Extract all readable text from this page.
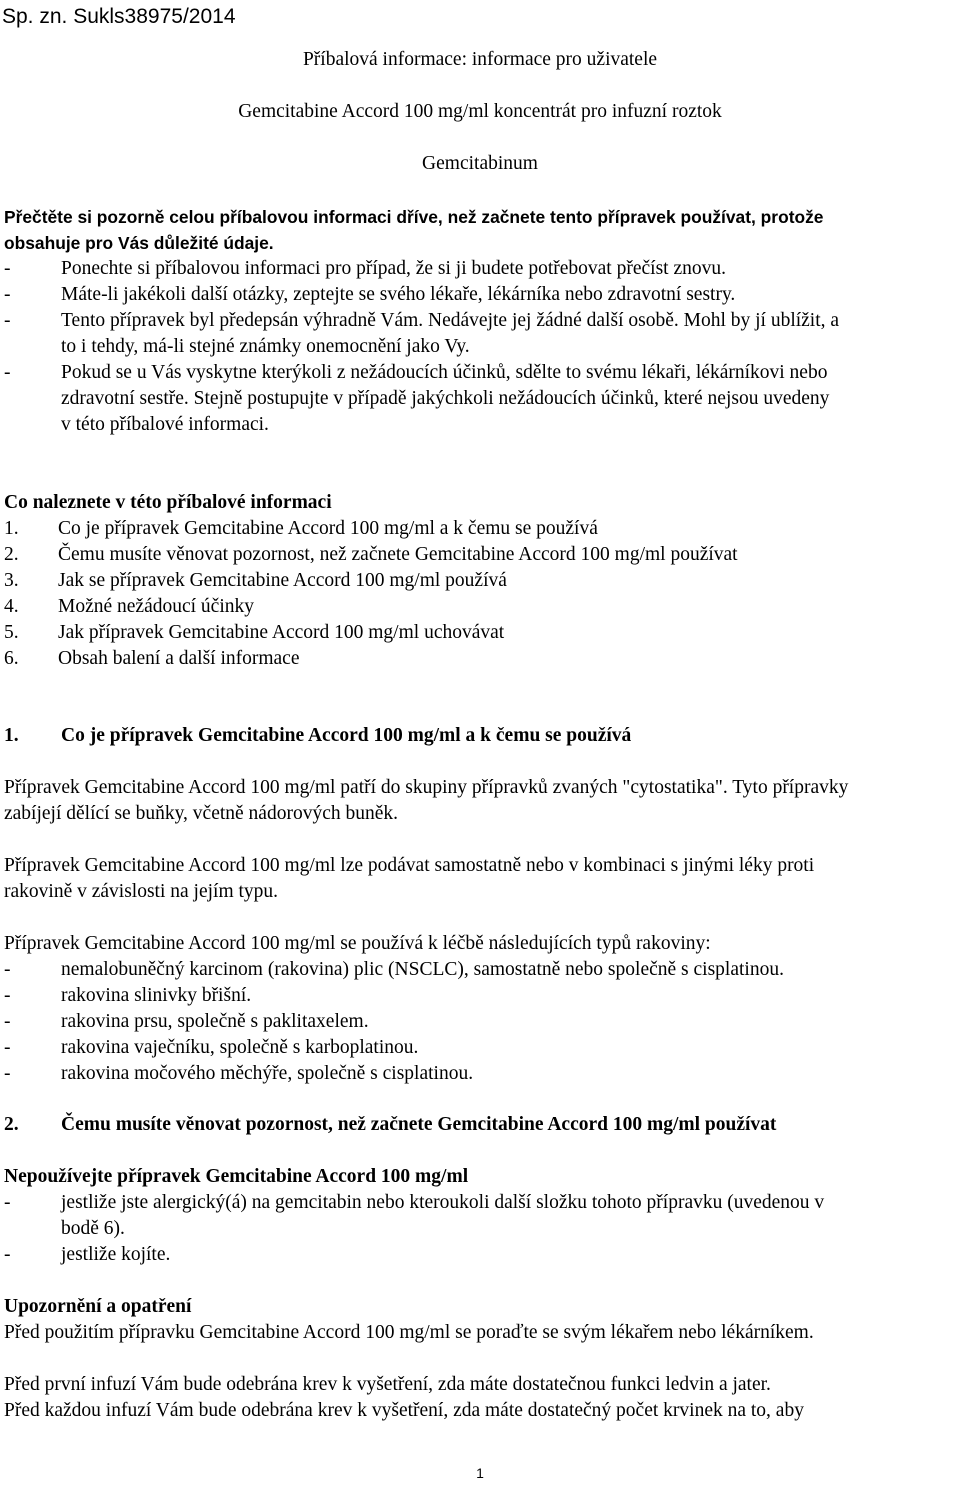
Sp. zn. Sukls38975/2014
Příbalová informace: informace pro uživatele
Gemcitabine Accord 100 mg/ml koncentrát pro infuzní roztok
Gemcitabinum
Přečtěte si pozorně celou příbalovou informaci dříve, než začnete tento přípravek používat, protože
obsahuje pro Vás důležité údaje.
-	Ponechte si příbalovou informaci pro případ, že si ji budete potřebovat přečíst znovu.
-	Máte-li jakékoli další otázky, zeptejte se svého lékaře, lékárníka nebo zdravotní sestry.
-	Tento přípravek byl předepsán výhradně Vám. Nedávejte jej žádné další osobě. Mohl by jí ublížit, a
to i tehdy, má-li stejné známky onemocnění jako Vy.
-	Pokud se u Vás vyskytne kterýkoli z nežádoucích účinků, sdělte to svému lékaři, lékárníkovi nebo
zdravotní sestře. Stejně postupujte v případě jakýchkoli nežádoucích účinků, které nejsou uvedeny
v této příbalové informaci.
Co naleznete v této příbalové informaci
1. Co je přípravek Gemcitabine Accord 100 mg/ml a k čemu se používá
2. Čemu musíte věnovat pozornost, než začnete Gemcitabine Accord 100 mg/ml používat
3. Jak se přípravek Gemcitabine Accord 100 mg/ml používá
4. Možné nežádoucí účinky
5. Jak přípravek Gemcitabine Accord 100 mg/ml uchovávat
6. Obsah balení a další informace
1. Co je přípravek Gemcitabine Accord 100 mg/ml a k čemu se používá
Přípravek Gemcitabine Accord 100 mg/ml patří do skupiny přípravků zvaných "cytostatika". Tyto přípravky
zabíjejí dělící se buňky, včetně nádorových buněk.
Přípravek Gemcitabine Accord 100 mg/ml lze podávat samostatně nebo v kombinaci s jinými léky proti
rakovině v závislosti na jejím typu.
Přípravek Gemcitabine Accord 100 mg/ml se používá k léčbě následujících typů rakoviny:
-	nemalobuněčný karcinom (rakovina) plic (NSCLC), samostatně nebo společně s cisplatinou.
-	rakovina slinivky břišní.
-	rakovina prsu, společně s paklitaxelem.
-	rakovina vaječníku, společně s karboplatinou.
-	rakovina močového měchýře, společně s cisplatinou.
2. Čemu musíte věnovat pozornost, než začnete Gemcitabine Accord 100 mg/ml používat
Nepoužívejte přípravek Gemcitabine Accord 100 mg/ml
-	jestliže jste alergický(á) na gemcitabin nebo kteroukoli další složku tohoto přípravku (uvedenou v
bodě 6).
-	jestliže kojíte.
Upozornění a opatření
Před použitím přípravku Gemcitabine Accord 100 mg/ml se poraďte se svým lékařem nebo lékárníkem.
Před první infuzí Vám bude odebrána krev k vyšetření, zda máte dostatečnou funkci ledvin a jater.
Před každou infuzí Vám bude odebrána krev k vyšetření, zda máte dostatečný počet krvinek na to, aby
1
